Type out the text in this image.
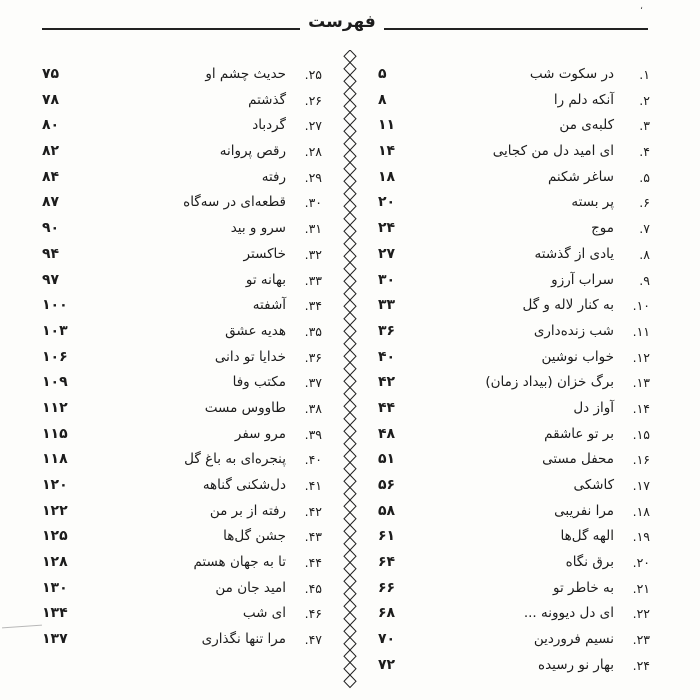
فهرست
،
۱.
در سکوت شب
۵
۲.
آنکه دلم را
۸
۳.
کلبه‌ی من
۱۱
۴.
ای امید دل من کجایی
۱۴
۵.
ساغر شکنم
۱۸
۶.
پر بسته
۲۰
۷.
موج
۲۴
۸.
یادی از گذشته
۲۷
۹.
سراب آرزو
۳۰
۱۰.
به کنار لاله و گل
۳۳
۱۱.
شب زنده‌داری
۳۶
۱۲.
خواب نوشین
۴۰
۱۳.
برگ خزان (بیداد زمان)
۴۲
۱۴.
آواز دل
۴۴
۱۵.
بر تو عاشقم
۴۸
۱۶.
محفل مستی
۵۱
۱۷.
کاشکی
۵۶
۱۸.
مرا نفریبی
۵۸
۱۹.
الهه گل‌ها
۶۱
۲۰.
برق نگاه
۶۴
۲۱.
به خاطر تو
۶۶
۲۲.
ای دل دیوونه ...
۶۸
۲۳.
نسیم فروردین
۷۰
۲۴.
بهار نو رسیده
۷۲
۲۵.
حدیث چشم او
۷۵
۲۶.
گذشتم
۷۸
۲۷.
گردباد
۸۰
۲۸.
رقص پروانه
۸۲
۲۹.
رفته
۸۴
۳۰.
قطعه‌ای در سه‌گاه
۸۷
۳۱.
سرو و بید
۹۰
۳۲.
خاکستر
۹۴
۳۳.
بهانه تو
۹۷
۳۴.
آشفته
۱۰۰
۳۵.
هدیه عشق
۱۰۳
۳۶.
خدایا تو دانی
۱۰۶
۳۷.
مکتب وفا
۱۰۹
۳۸.
طاووس مست
۱۱۲
۳۹.
مرو سفر
۱۱۵
۴۰.
پنجره‌ای به باغ گل
۱۱۸
۴۱.
دل‌شکنی گناهه
۱۲۰
۴۲.
رفته از بر من
۱۲۲
۴۳.
جشن گل‌ها
۱۲۵
۴۴.
تا به جهان هستم
۱۲۸
۴۵.
امید جان من
۱۳۰
۴۶.
ای شب
۱۳۴
۴۷.
مرا تنها نگذاری
۱۳۷
